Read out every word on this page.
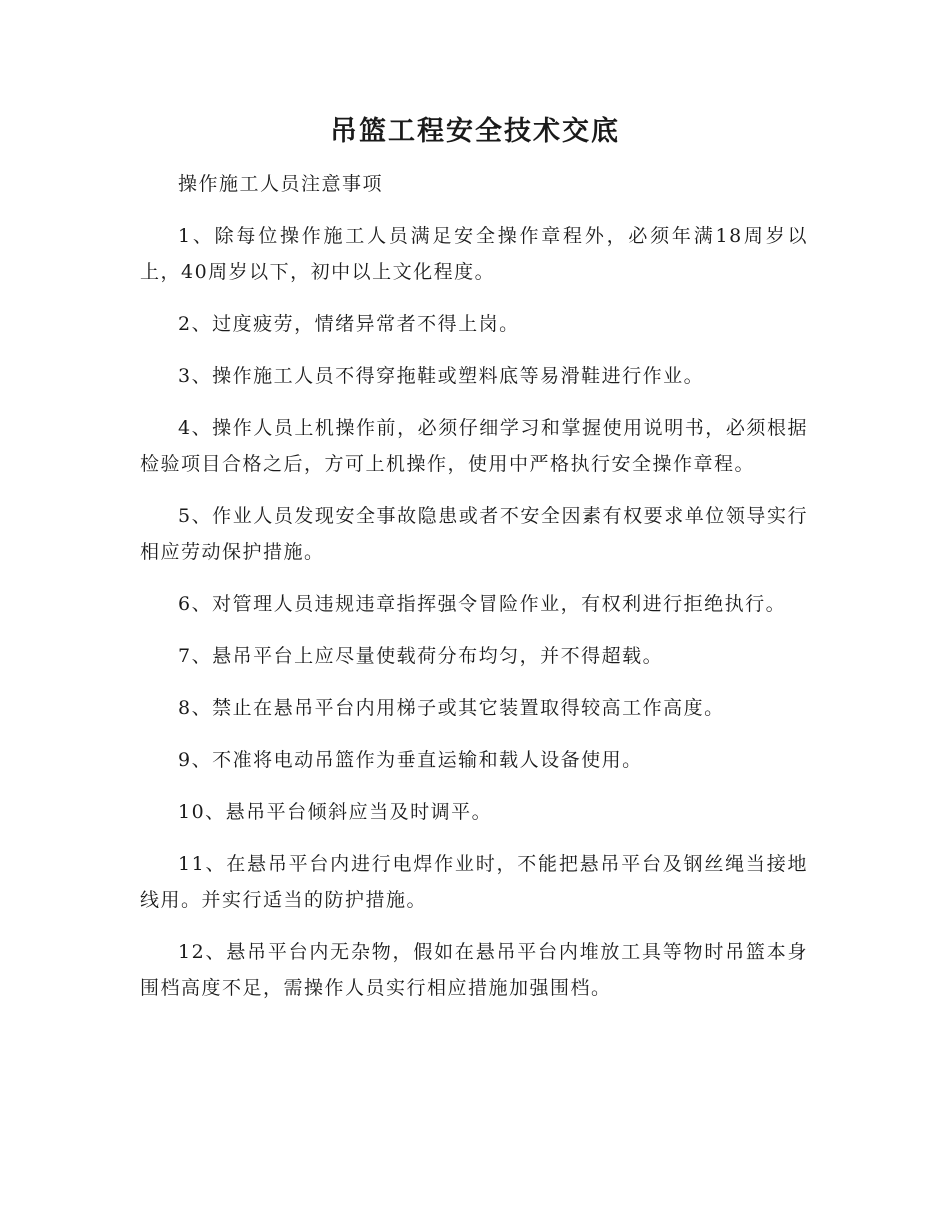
吊篮工程安全技术交底

操作施工人员注意事项

1、除每位操作施工人员满足安全操作章程外，必须年满18周岁以上，40周岁以下，初中以上文化程度。

2、过度疲劳，情绪异常者不得上岗。

3、操作施工人员不得穿拖鞋或塑料底等易滑鞋进行作业。

4、操作人员上机操作前，必须仔细学习和掌握使用说明书，必须根据检验项目合格之后，方可上机操作，使用中严格执行安全操作章程。

5、作业人员发现安全事故隐患或者不安全因素有权要求单位领导实行相应劳动保护措施。

6、对管理人员违规违章指挥强令冒险作业，有权利进行拒绝执行。

7、悬吊平台上应尽量使载荷分布均匀，并不得超载。

8、禁止在悬吊平台内用梯子或其它装置取得较高工作高度。

9、不准将电动吊篮作为垂直运输和载人设备使用。

10、悬吊平台倾斜应当及时调平。

11、在悬吊平台内进行电焊作业时，不能把悬吊平台及钢丝绳当接地线用。并实行适当的防护措施。

12、悬吊平台内无杂物，假如在悬吊平台内堆放工具等物时吊篮本身围档高度不足，需操作人员实行相应措施加强围档。
